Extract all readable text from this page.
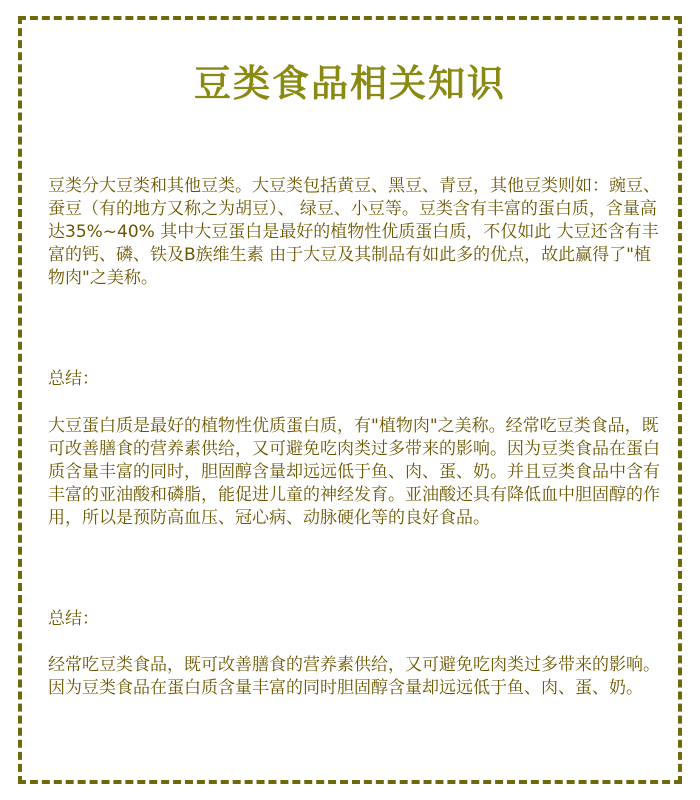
豆类食品相关知识

豆类分大豆类和其他豆类。大豆类包括黄豆、黑豆、青豆，其他豆类则如：豌豆、蚕豆（有的地方又称之为胡豆）、 绿豆、小豆等。豆类含有丰富的蛋白质，含量高达35%~40% 其中大豆蛋白是最好的植物性优质蛋白质，不仅如此 大豆还含有丰富的钙、磷、铁及B族维生素 由于大豆及其制品有如此多的优点，故此赢得了"植物肉"之美称。

总结：

大豆蛋白质是最好的植物性优质蛋白质，有"植物肉"之美称。经常吃豆类食品，既可改善膳食的营养素供给，又可避免吃肉类过多带来的影响。因为豆类食品在蛋白质含量丰富的同时，胆固醇含量却远远低于鱼、肉、蛋、奶。并且豆类食品中含有丰富的亚油酸和磷脂，能促进儿童的神经发育。亚油酸还具有降低血中胆固醇的作用，所以是预防高血压、冠心病、动脉硬化等的良好食品。

总结：

经常吃豆类食品，既可改善膳食的营养素供给，又可避免吃肉类过多带来的影响。因为豆类食品在蛋白质含量丰富的同时胆固醇含量却远远低于鱼、肉、蛋、奶。
